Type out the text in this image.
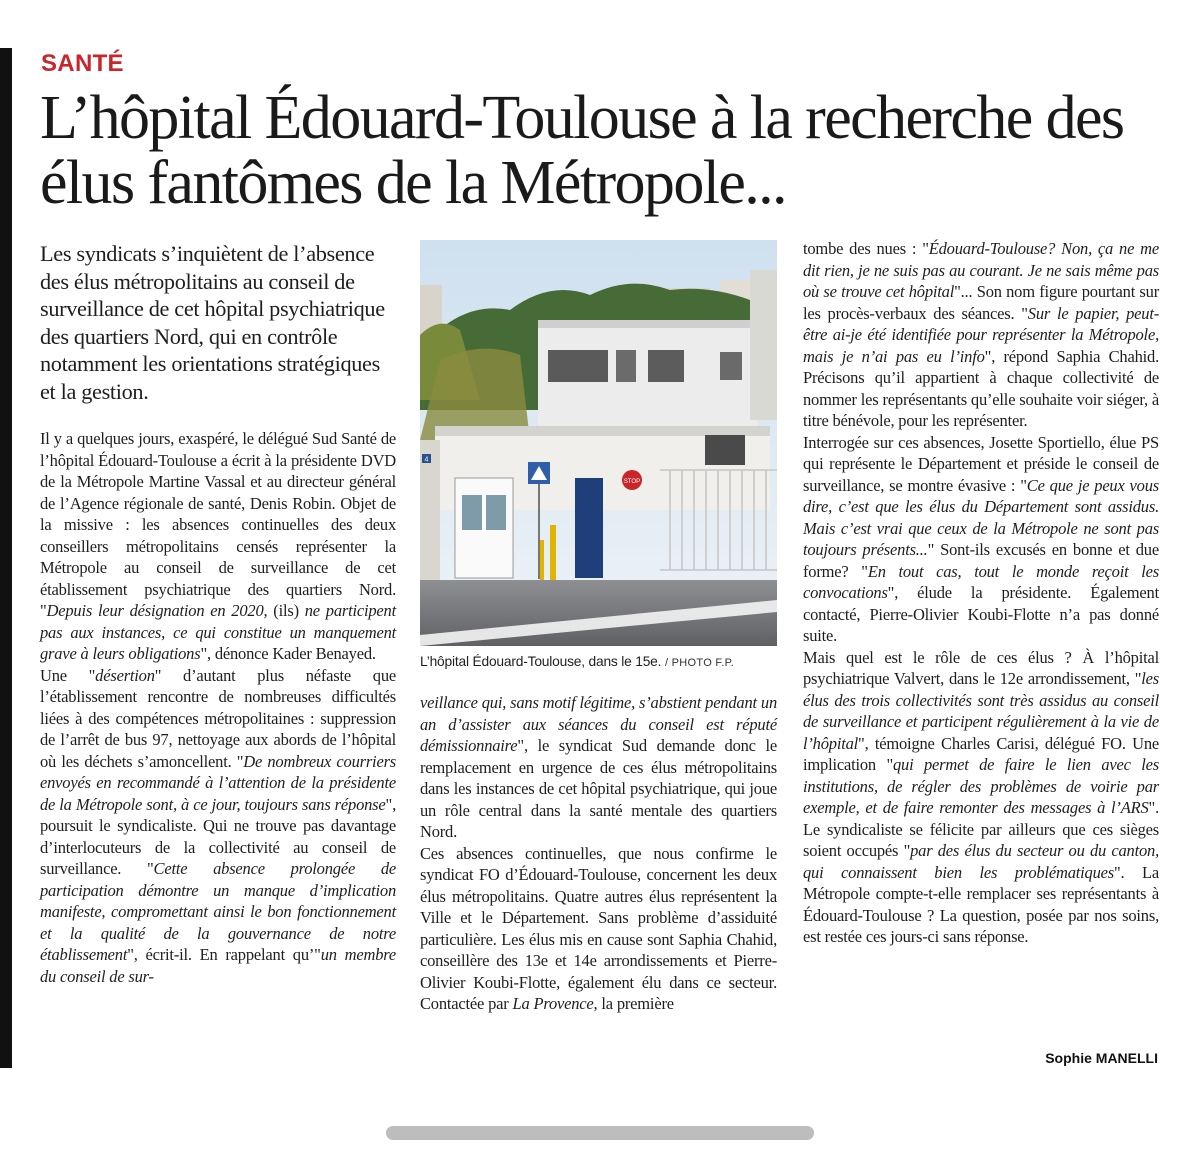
SANTÉ
L’hôpital Édouard-Toulouse à la recherche des élus fantômes de la Métropole...

Les syndicats s’inquiètent de l’absence des élus métropolitains au conseil de surveillance de cet hôpital psychiatrique des quartiers Nord, qui en contrôle notamment les orientations stratégiques et la gestion.

Il y a quelques jours, exaspéré, le délégué Sud Santé de l’hôpital Édouard-Toulouse a écrit à la présidente DVD de la Métropole Martine Vassal et au directeur général de l’Agence régionale de santé, Denis Robin. Objet de la missive : les absences continuelles des deux conseillers métropolitains censés représenter la Métropole au conseil de surveillance de cet établissement psychiatrique des quartiers Nord. "Depuis leur désignation en 2020, (ils) ne participent pas aux instances, ce qui constitue un manquement grave à leurs obligations", dénonce Kader Benayed.

Une "désertion" d’autant plus néfaste que l’établissement rencontre de nombreuses difficultés liées à des compétences métropolitaines : suppression de l’arrêt de bus 97, nettoyage aux abords de l’hôpital où les déchets s’amoncellent. "De nombreux courriers envoyés en recommandé à l’attention de la présidente de la Métropole sont, à ce jour, toujours sans réponse", poursuit le syndicaliste. Qui ne trouve pas davantage d’interlocuteurs de la collectivité au conseil de surveillance. "Cette absence prolongée de participation démontre un manque d’implication manifeste, compromettant ainsi le bon fonctionnement et la qualité de la gouvernance de notre établissement", écrit-il. En rappelant qu’"un membre du conseil de sur-

STOP
4
L’hôpital Édouard-Toulouse, dans le 15e. / PHOTO F.P.

veillance qui, sans motif légitime, s’abstient pendant un an d’assister aux séances du conseil est réputé démissionnaire", le syndicat Sud demande donc le remplacement en urgence de ces élus métropolitains dans les instances de cet hôpital psychiatrique, qui joue un rôle central dans la santé mentale des quartiers Nord.

Ces absences continuelles, que nous confirme le syndicat FO d’Édouard-Toulouse, concernent les deux élus métropolitains. Quatre autres élus représentent la Ville et le Département. Sans problème d’assiduité particulière. Les élus mis en cause sont Saphia Chahid, conseillère des 13e et 14e arrondissements et Pierre-Olivier Koubi-Flotte, également élu dans ce secteur. Contactée par La Provence, la première

tombe des nues : "Édouard-Toulouse? Non, ça ne me dit rien, je ne suis pas au courant. Je ne sais même pas où se trouve cet hôpital"... Son nom figure pourtant sur les procès-verbaux des séances. "Sur le papier, peut-être ai-je été identifiée pour représenter la Métropole, mais je n’ai pas eu l’info", répond Saphia Chahid. Précisons qu’il appartient à chaque collectivité de nommer les représentants qu’elle souhaite voir siéger, à titre bénévole, pour les représenter.

Interrogée sur ces absences, Josette Sportiello, élue PS qui représente le Département et préside le conseil de surveillance, se montre évasive : "Ce que je peux vous dire, c’est que les élus du Département sont assidus. Mais c’est vrai que ceux de la Métropole ne sont pas toujours présents..." Sont-ils excusés en bonne et due forme? "En tout cas, tout le monde reçoit les convocations", élude la présidente. Également contacté, Pierre-Olivier Koubi-Flotte n’a pas donné suite.

Mais quel est le rôle de ces élus ? À l’hôpital psychiatrique Valvert, dans le 12e arrondissement, "les élus des trois collectivités sont très assidus au conseil de surveillance et participent régulièrement à la vie de l’hôpital", témoigne Charles Carisi, délégué FO. Une implication "qui permet de faire le lien avec les institutions, de régler des problèmes de voirie par exemple, et de faire remonter des messages à l’ARS". Le syndicaliste se félicite par ailleurs que ces sièges soient occupés "par des élus du secteur ou du canton, qui connaissent bien les problématiques". La Métropole compte-t-elle remplacer ses représentants à Édouard-Toulouse ? La question, posée par nos soins, est restée ces jours-ci sans réponse.

Sophie MANELLI
